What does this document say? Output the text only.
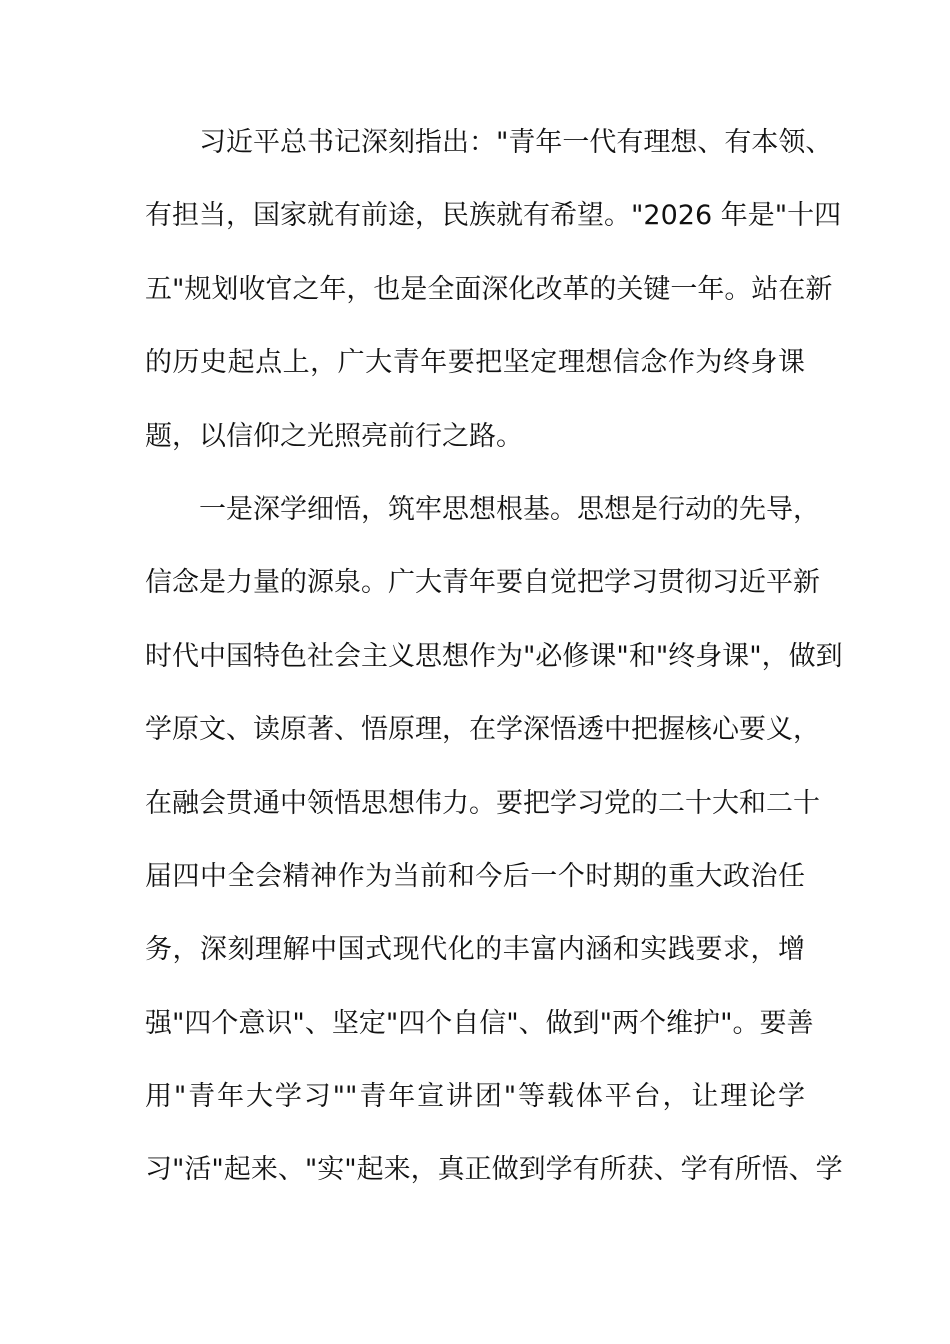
习近平总书记深刻指出："青年一代有理想、有本领、
有担当，国家就有前途，民族就有希望。"2026 年是"十四
五"规划收官之年，也是全面深化改革的关键一年。站在新
的历史起点上，广大青年要把坚定理想信念作为终身课
题，以信仰之光照亮前行之路。
一是深学细悟，筑牢思想根基。思想是行动的先导，
信念是力量的源泉。广大青年要自觉把学习贯彻习近平新
时代中国特色社会主义思想作为"必修课"和"终身课"，做到
学原文、读原著、悟原理，在学深悟透中把握核心要义，
在融会贯通中领悟思想伟力。要把学习党的二十大和二十
届四中全会精神作为当前和今后一个时期的重大政治任
务，深刻理解中国式现代化的丰富内涵和实践要求，增
强"四个意识"、坚定"四个自信"、做到"两个维护"。要善
用"青年大学习""青年宣讲团"等载体平台，让理论学
习"活"起来、"实"起来，真正做到学有所获、学有所悟、学
